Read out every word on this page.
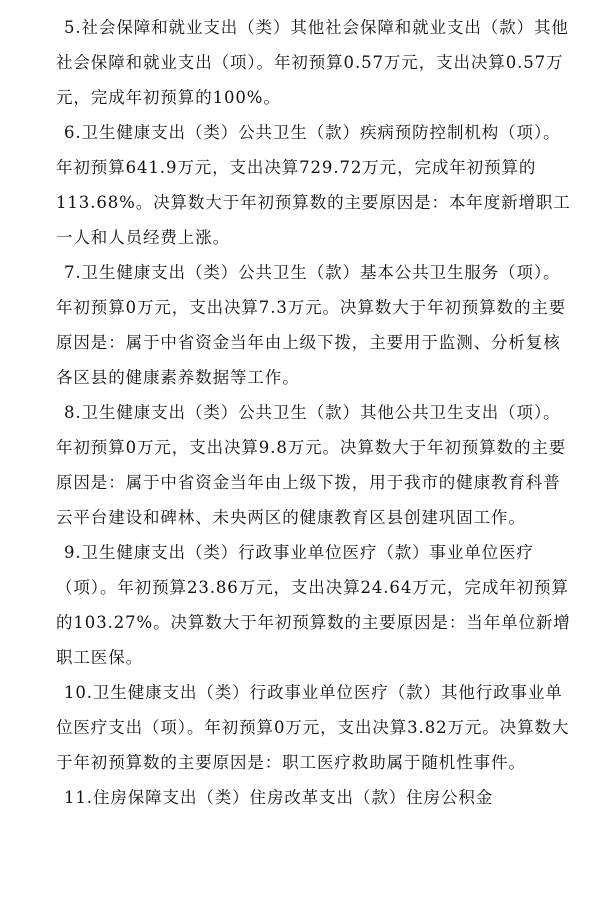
5.社会保障和就业支出（类）其他社会保障和就业支出（款）其他社会保障和就业支出（项）。年初预算0.57万元，支出决算0.57万元，完成年初预算的100%。

6.卫生健康支出（类）公共卫生（款）疾病预防控制机构（项）。年初预算641.9万元，支出决算729.72万元，完成年初预算的113.68%。决算数大于年初预算数的主要原因是：本年度新增职工一人和人员经费上涨。

7.卫生健康支出（类）公共卫生（款）基本公共卫生服务（项）。年初预算0万元，支出决算7.3万元。决算数大于年初预算数的主要原因是：属于中省资金当年由上级下拨，主要用于监测、分析复核各区县的健康素养数据等工作。

8.卫生健康支出（类）公共卫生（款）其他公共卫生支出（项）。年初预算0万元，支出决算9.8万元。决算数大于年初预算数的主要原因是：属于中省资金当年由上级下拨，用于我市的健康教育科普云平台建设和碑林、未央两区的健康教育区县创建巩固工作。

9.卫生健康支出（类）行政事业单位医疗（款）事业单位医疗（项）。年初预算23.86万元，支出决算24.64万元，完成年初预算的103.27%。决算数大于年初预算数的主要原因是：当年单位新增职工医保。

10.卫生健康支出（类）行政事业单位医疗（款）其他行政事业单位医疗支出（项）。年初预算0万元，支出决算3.82万元。决算数大于年初预算数的主要原因是：职工医疗救助属于随机性事件。

11.住房保障支出（类）住房改革支出（款）住房公积金
